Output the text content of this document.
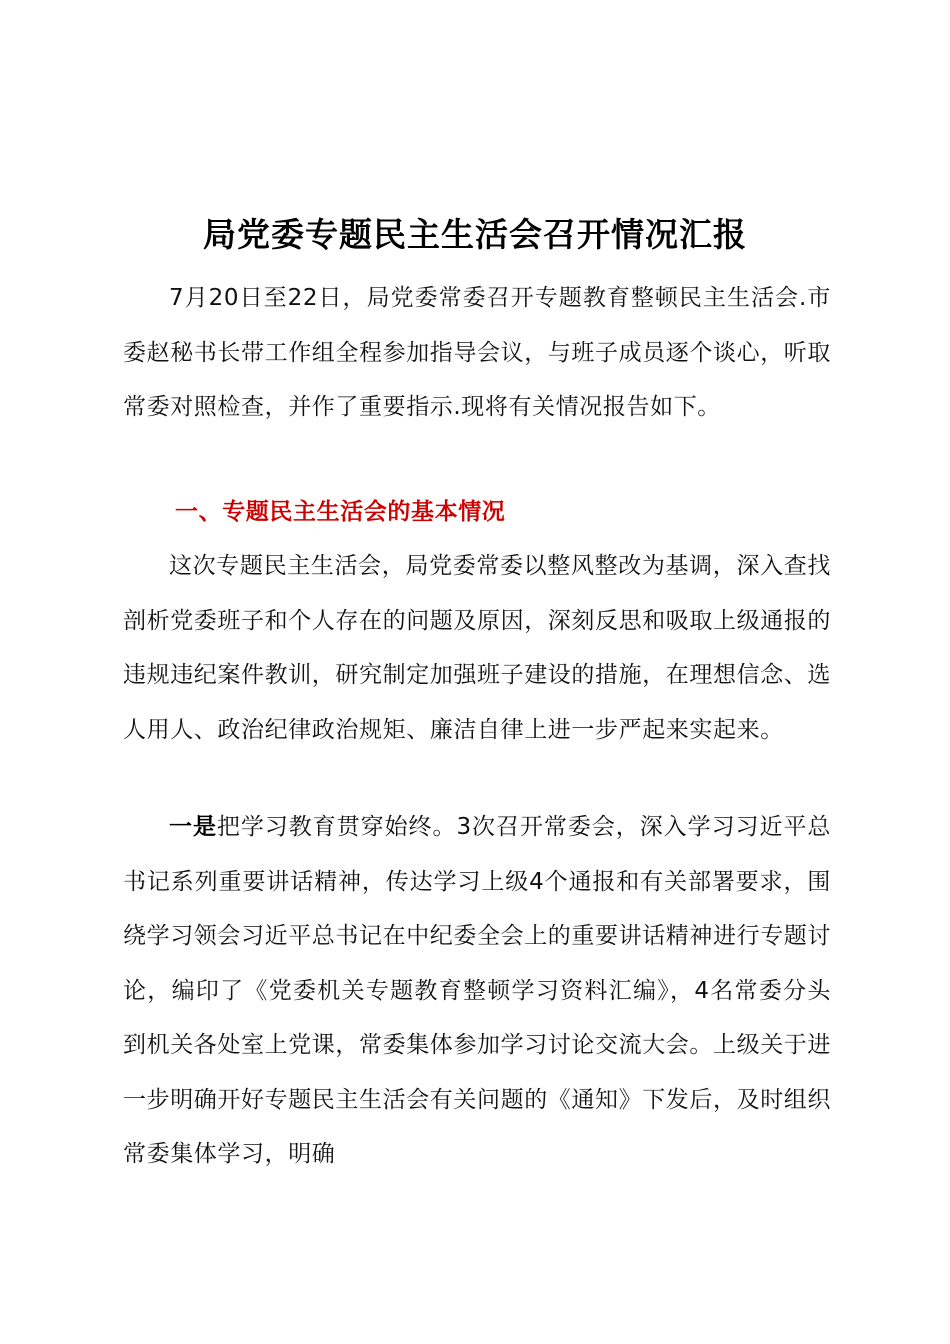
局党委专题民主生活会召开情况汇报

7月20日至22日，局党委常委召开专题教育整顿民主生活会.市委赵秘书长带工作组全程参加指导会议，与班子成员逐个谈心，听取常委对照检查，并作了重要指示.现将有关情况报告如下。

一、专题民主生活会的基本情况

这次专题民主生活会，局党委常委以整风整改为基调，深入查找剖析党委班子和个人存在的问题及原因，深刻反思和吸取上级通报的违规违纪案件教训，研究制定加强班子建设的措施，在理想信念、选人用人、政治纪律政治规矩、廉洁自律上进一步严起来实起来。

一是把学习教育贯穿始终。3次召开常委会，深入学习习近平总书记系列重要讲话精神，传达学习上级4个通报和有关部署要求，围绕学习领会习近平总书记在中纪委全会上的重要讲话精神进行专题讨论，编印了《党委机关专题教育整顿学习资料汇编》，4名常委分头到机关各处室上党课，常委集体参加学习讨论交流大会。上级关于进一步明确开好专题民主生活会有关问题的《通知》下发后，及时组织常委集体学习，明确
